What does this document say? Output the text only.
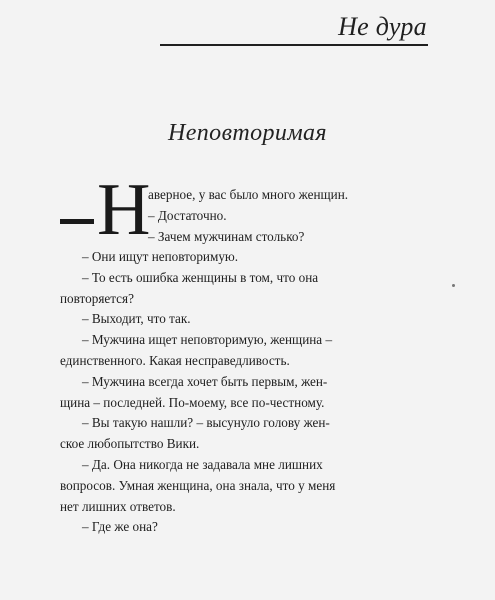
Не дура
Неповторимая
Н
аверное, у вас было много женщин.
– Достаточно.
– Зачем мужчинам столько?

– Они ищут неповторимую.

– То есть ошибка женщины в том, что она
повторяется?

– Выходит, что так.

– Мужчина ищет неповторимую, женщина –
единственного. Какая несправедливость.

– Мужчина всегда хочет быть первым, жен-
щина – последней. По-моему, все по-честному.

– Вы такую нашли? – высунуло голову жен-
ское любопытство Вики.

– Да. Она никогда не задавала мне лишних
вопросов. Умная женщина, она знала, что у меня
нет лишних ответов.

– Где же она?
